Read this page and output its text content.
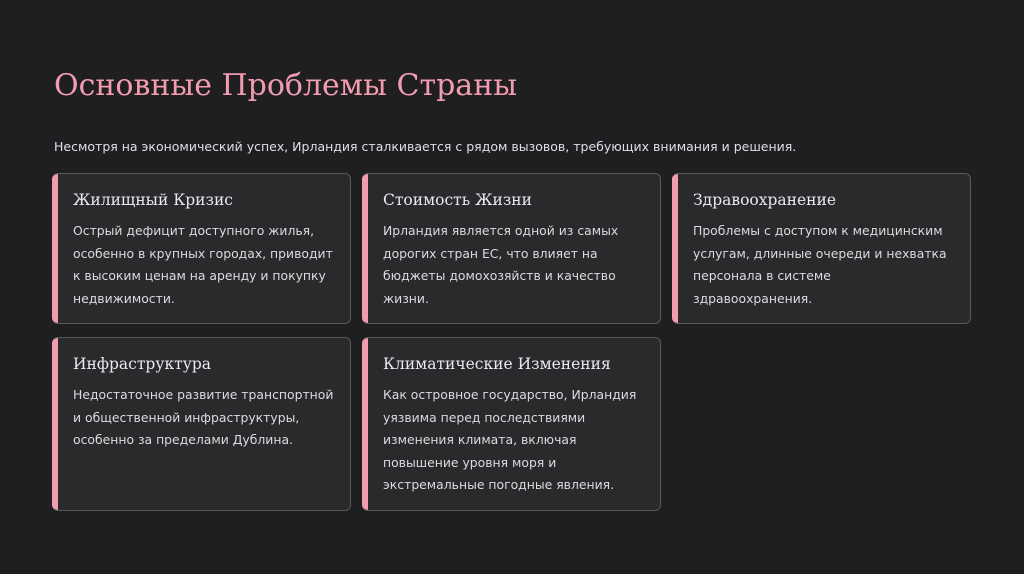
Основные Проблемы Страны

Несмотря на экономический успех, Ирландия сталкивается с рядом вызовов, требующих внимания и решения.

Жилищный Кризис

Острый дефицит доступного жилья,
особенно в крупных городах, приводит
к высоким ценам на аренду и покупку
недвижимости.

Стоимость Жизни

Ирландия является одной из самых
дорогих стран ЕС, что влияет на
бюджеты домохозяйств и качество
жизни.

Здравоохранение

Проблемы с доступом к медицинским
услугам, длинные очереди и нехватка
персонала в системе
здравоохранения.

Инфраструктура

Недостаточное развитие транспортной
и общественной инфраструктуры,
особенно за пределами Дублина.

Климатические Изменения

Как островное государство, Ирландия
уязвима перед последствиями
изменения климата, включая
повышение уровня моря и
экстремальные погодные явления.
